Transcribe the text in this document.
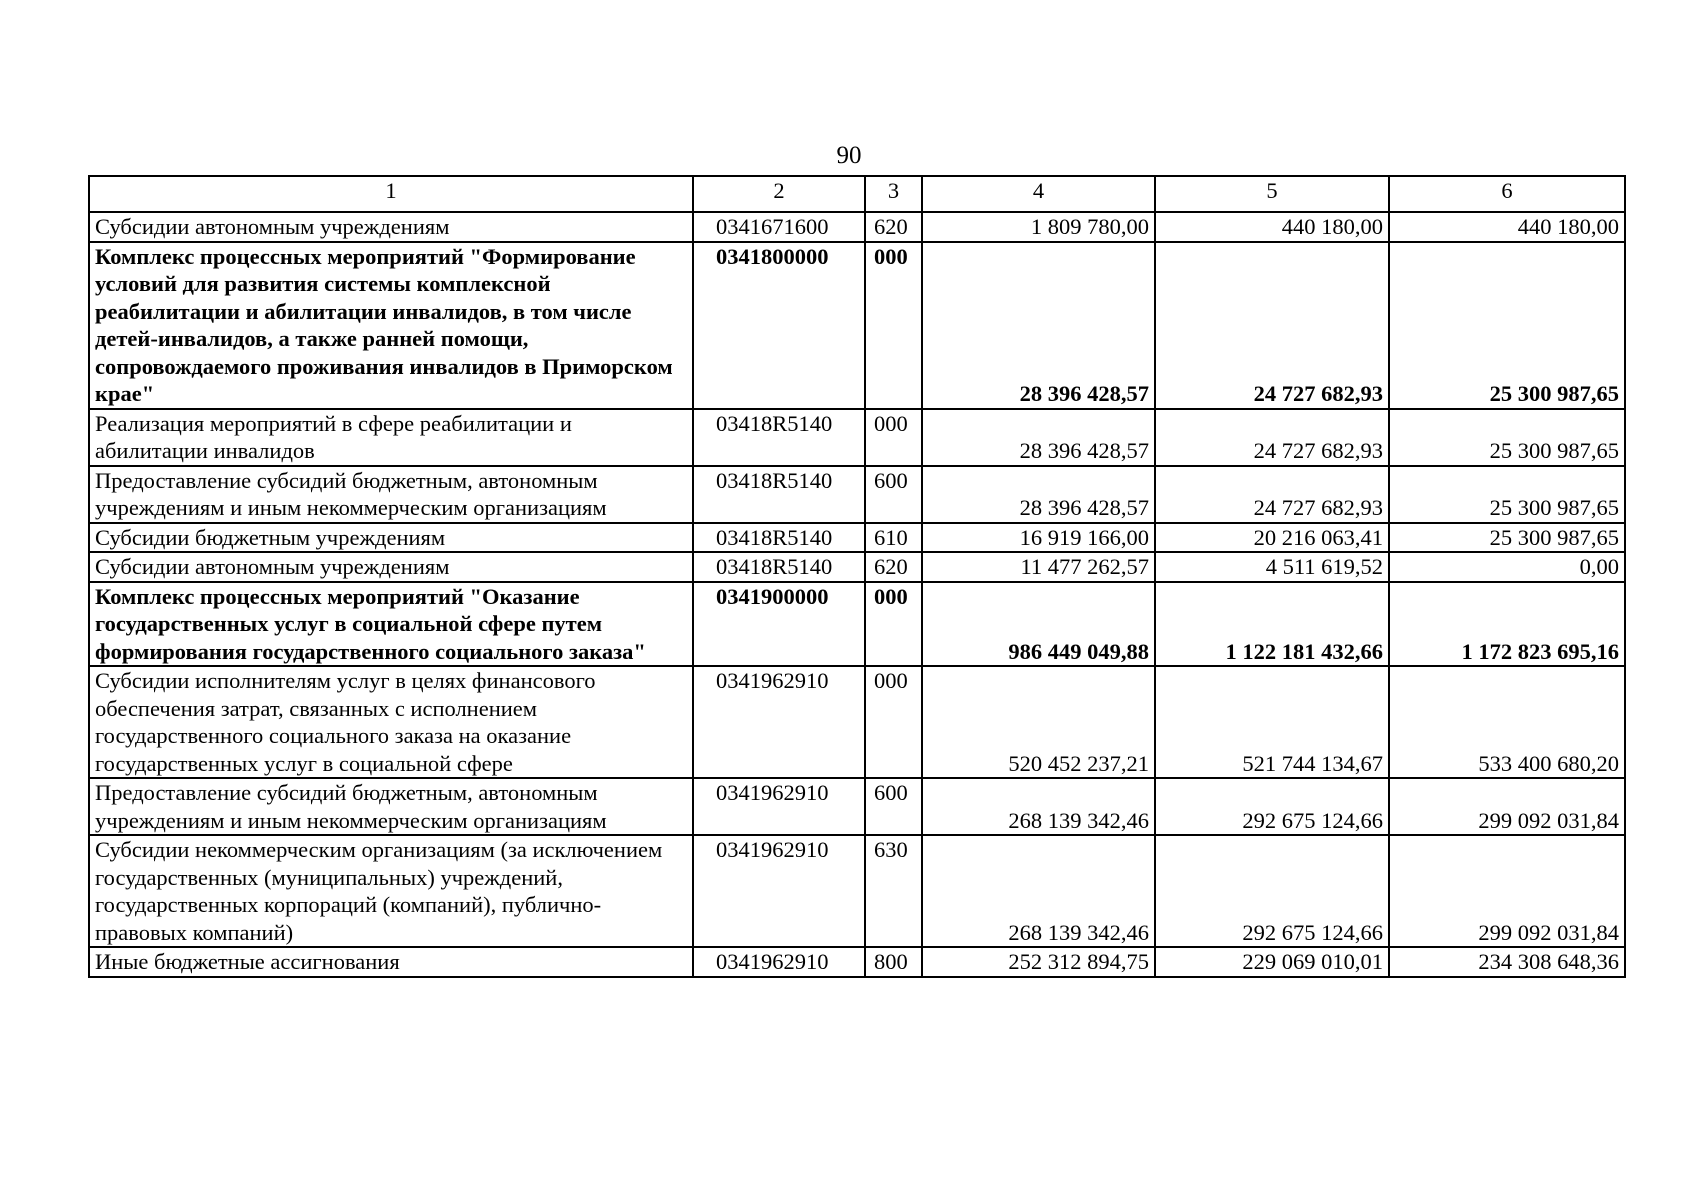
90
1	2	3	4	5	6
Субсидии автономным учреждениям	0341671600	620	1 809 780,00	440 180,00	440 180,00
Комплекс процессных мероприятий "Формирование условий для развития системы комплексной реабилитации и абилитации инвалидов, в том числе детей-инвалидов, а также ранней помощи, сопровождаемого проживания инвалидов в Приморском крае"	0341800000	000	28 396 428,57	24 727 682,93	25 300 987,65
Реализация мероприятий в сфере реабилитации и абилитации инвалидов	03418R5140	000	28 396 428,57	24 727 682,93	25 300 987,65
Предоставление субсидий бюджетным, автономным учреждениям и иным некоммерческим организациям	03418R5140	600	28 396 428,57	24 727 682,93	25 300 987,65
Субсидии бюджетным учреждениям	03418R5140	610	16 919 166,00	20 216 063,41	25 300 987,65
Субсидии автономным учреждениям	03418R5140	620	11 477 262,57	4 511 619,52	0,00
Комплекс процессных мероприятий "Оказание государственных услуг в социальной сфере путем формирования государственного социального заказа"	0341900000	000	986 449 049,88	1 122 181 432,66	1 172 823 695,16
Субсидии исполнителям услуг в целях финансового обеспечения затрат, связанных с исполнением государственного социального заказа на оказание государственных услуг в социальной сфере	0341962910	000	520 452 237,21	521 744 134,67	533 400 680,20
Предоставление субсидий бюджетным, автономным учреждениям и иным некоммерческим организациям	0341962910	600	268 139 342,46	292 675 124,66	299 092 031,84
Субсидии некоммерческим организациям (за исключением государственных (муниципальных) учреждений, государственных корпораций (компаний), публично-правовых компаний)	0341962910	630	268 139 342,46	292 675 124,66	299 092 031,84
Иные бюджетные ассигнования	0341962910	800	252 312 894,75	229 069 010,01	234 308 648,36
